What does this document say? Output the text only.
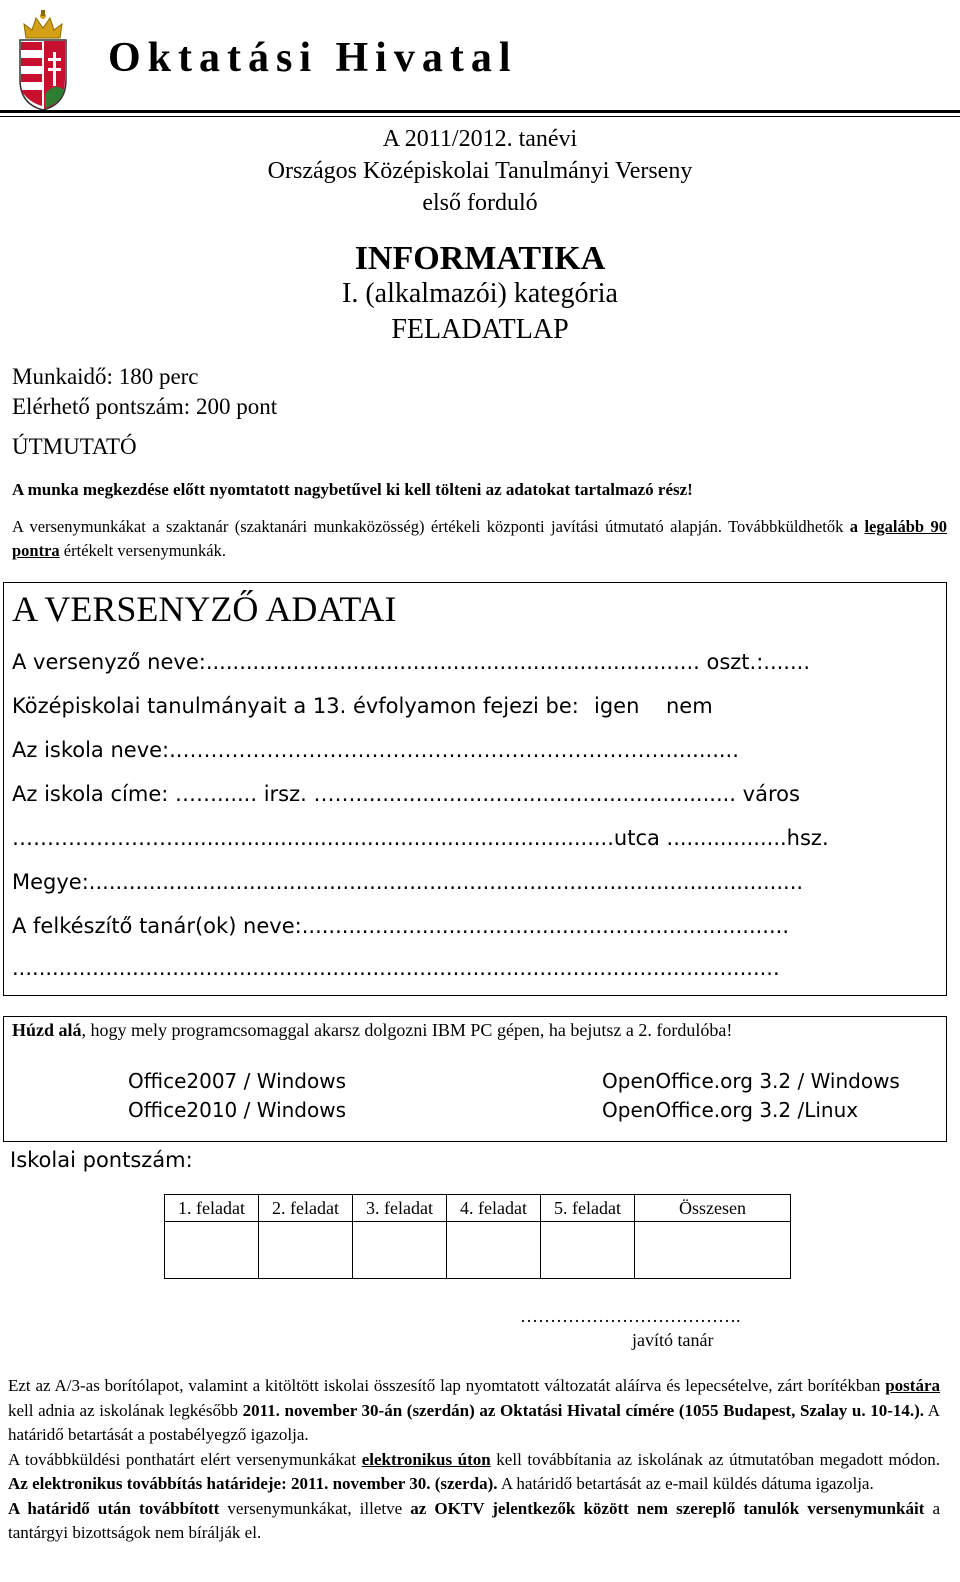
Oktatási Hivatal
A 2011/2012. tanévi
Országos Középiskolai Tanulmányi Verseny
első forduló
INFORMATIKA
I. (alkalmazói) kategória
FELADATLAP
Munkaidő: 180 perc
Elérhető pontszám: 200 pont
ÚTMUTATÓ
A munka megkezdése előtt nyomtatott nagybetűvel ki kell tölteni az adatokat tartalmazó rész!
A versenymunkákat a szaktanár (szaktanári munkaközösség) értékeli központi javítási útmutató alapján. Továbbküldhetők a legalább 90 pontra értékelt versenymunkák.
A VERSENYZŐ ADATAI
A versenyző neve:.......................................................................... oszt.:.......
Középiskolai tanulmányait a 13. évfolyamon fejezi be: igen nem
Az iskola neve:..……………………………………………………………...........
Az iskola címe: ……...... irsz. ……......................................................... város
…………………….................................................................utca ..................hsz.
Megye:...........................................................................................................
A felkészítő tanár(ok) neve:.........................................................................
...................................................................................................................
Húzd alá, hogy mely programcsomaggal akarsz dolgozni IBM PC gépen, ha bejutsz a 2. fordulóba!
Office2007 / Windows
Office2010 / Windows
OpenOffice.org 3.2 / Windows
OpenOffice.org 3.2 /Linux
Iskolai pontszám:
1. feladat	2. feladat	3. feladat	4. feladat	5. feladat	Összesen

……………………………….
javító tanár

Ezt az A/3-as borítólapot, valamint a kitöltött iskolai összesítő lap nyomtatott változatát aláírva és lepecsételve, zárt borítékban postára kell adnia az iskolának legkésőbb 2011. november 30-án (szerdán) az Oktatási Hivatal címére (1055 Budapest, Szalay u. 10-14.). A határidő betartását a postabélyegző igazolja.

A továbbküldési ponthatárt elért versenymunkákat elektronikus úton kell továbbítania az iskolának az útmutatóban megadott módon. Az elektronikus továbbítás határideje: 2011. november 30. (szerda). A határidő betartását az e-mail küldés dátuma igazolja.

A határidő után továbbított versenymunkákat, illetve az OKTV jelentkezők között nem szereplő tanulók versenymunkáit a tantárgyi bizottságok nem bírálják el.
